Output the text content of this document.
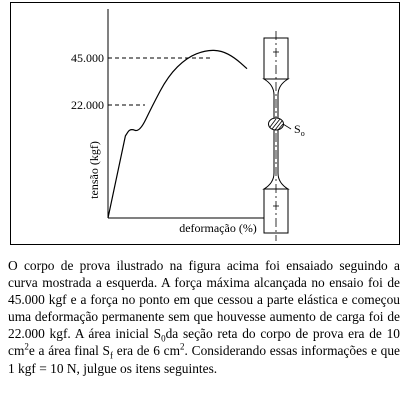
45.000
22.000
tensão (kgf)
deformação (%)
$S_o$

O corpo de prova ilustrado na figura acima foi ensaiado seguindo a curva mostrada a esquerda. A força máxima alcançada no ensaio foi de 45.000 kgf e a força no ponto em que cessou a parte elástica e começou uma deformação permanente sem que houvesse aumento de carga foi de 22.000 kgf. A área inicial $S_0da$ seção reta do corpo de prova era de 10 $cm^2e$ a área final $S_f$ era de 6 $cm^2$. Considerando essas informações e que 1 kgf = 10 N, julgue os itens seguintes.
